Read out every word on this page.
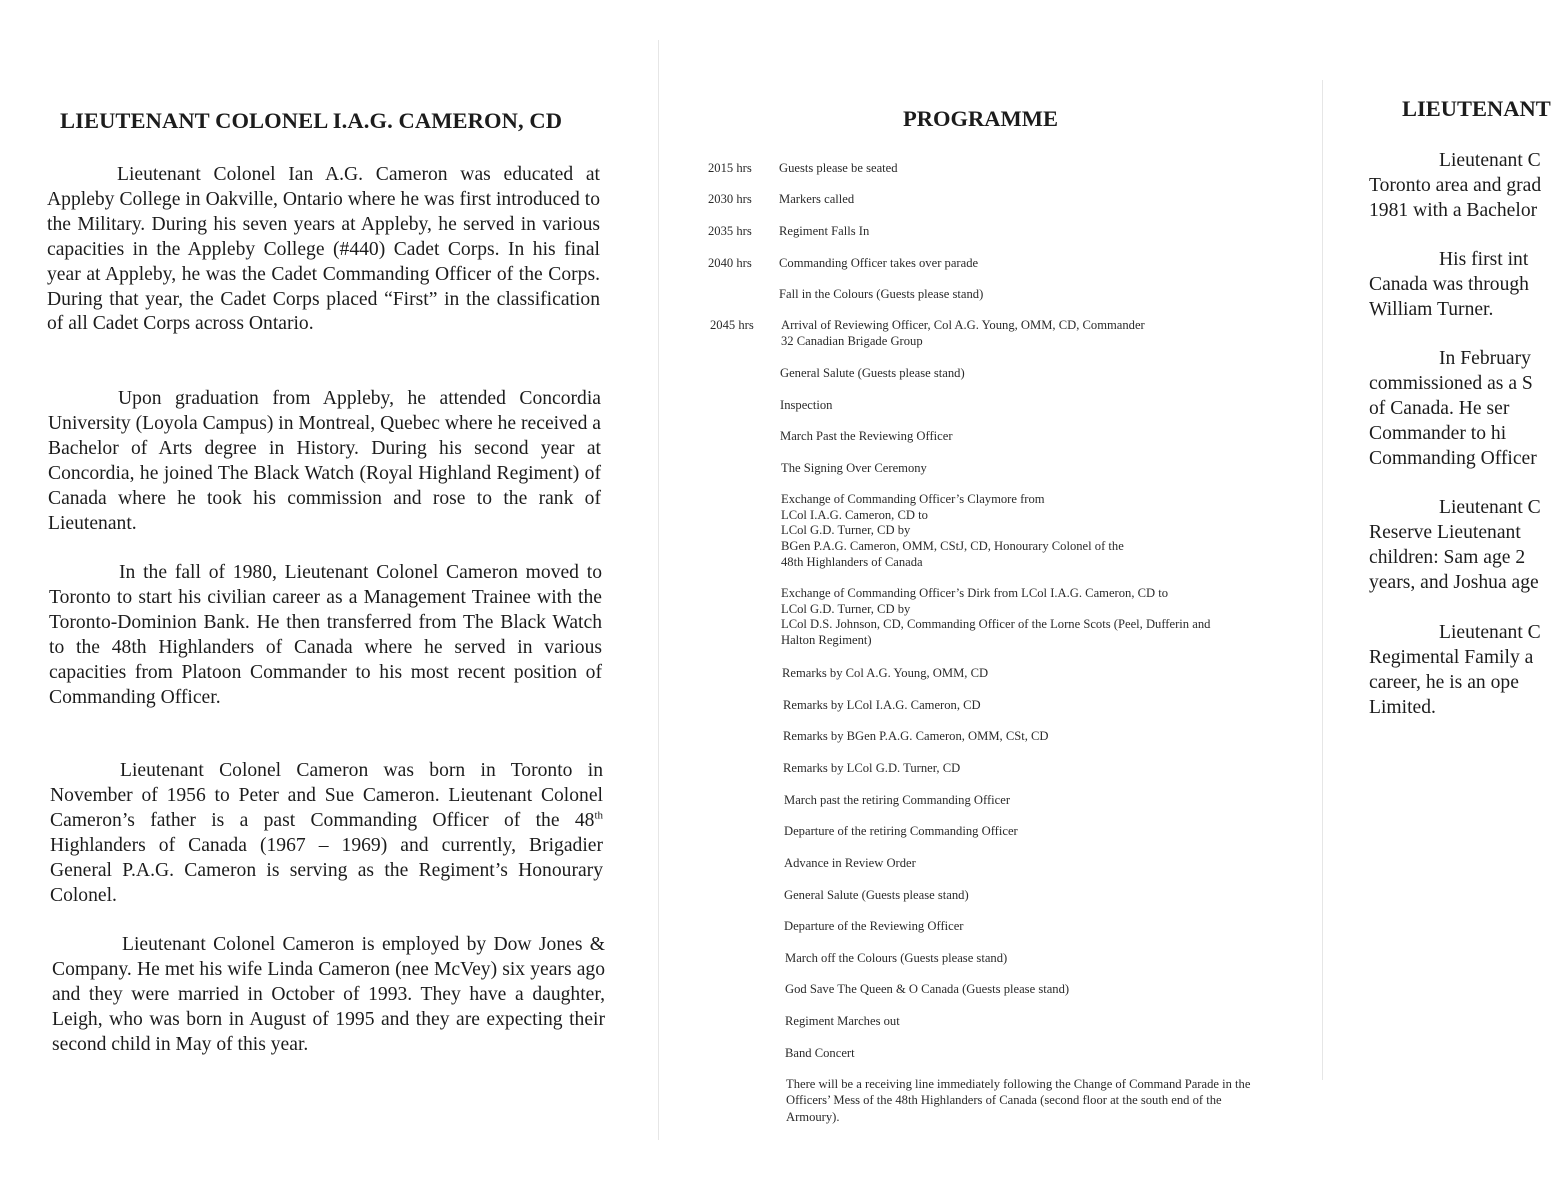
LIEUTENANT COLONEL I.A.G. CAMERON, CD

Lieutenant Colonel Ian A.G. Cameron was educated at Appleby College in Oakville, Ontario where he was first introduced to the Military. During his seven years at Appleby, he served in various capacities in the Appleby College (#440) Cadet Corps. In his final year at Appleby, he was the Cadet Commanding Officer of the Corps. During that year, the Cadet Corps placed “First” in the classification of all Cadet Corps across Ontario.

Upon graduation from Appleby, he attended Concordia University (Loyola Campus) in Montreal, Quebec where he received a Bachelor of Arts degree in History. During his second year at Concordia, he joined The Black Watch (Royal Highland Regiment) of Canada where he took his commission and rose to the rank of Lieutenant.

In the fall of 1980, Lieutenant Colonel Cameron moved to Toronto to start his civilian career as a Management Trainee with the Toronto-Dominion Bank. He then transferred from The Black Watch to the 48th Highlanders of Canada where he served in various capacities from Platoon Commander to his most recent position of Commanding Officer.

Lieutenant Colonel Cameron was born in Toronto in November of 1956 to Peter and Sue Cameron. Lieutenant Colonel Cameron’s father is a past Commanding Officer of the 48th Highlanders of Canada (1967 – 1969) and currently, Brigadier General P.A.G. Cameron is serving as the Regiment’s Honourary Colonel.

Lieutenant Colonel Cameron is employed by Dow Jones & Company. He met his wife Linda Cameron (nee McVey) six years ago and they were married in October of 1993. They have a daughter, Leigh, who was born in August of 1995 and they are expecting their second child in May of this year.

PROGRAMME
2015 hrs	Guests please be seated
2030 hrs	Markers called
2035 hrs	Regiment Falls In
2040 hrs	Commanding Officer takes over parade
Fall in the Colours (Guests please stand)
2045 hrs	Arrival of Reviewing Officer, Col A.G. Young, OMM, CD, Commander
32 Canadian Brigade Group
General Salute (Guests please stand)
Inspection
March Past the Reviewing Officer
The Signing Over Ceremony
Exchange of Commanding Officer’s Claymore from
LCol I.A.G. Cameron, CD to
LCol G.D. Turner, CD by
BGen P.A.G. Cameron, OMM, CStJ, CD, Honourary Colonel of the
48th Highlanders of Canada
Exchange of Commanding Officer’s Dirk from LCol I.A.G. Cameron, CD to
LCol G.D. Turner, CD by
LCol D.S. Johnson, CD, Commanding Officer of the Lorne Scots (Peel, Dufferin and
Halton Regiment)
Remarks by Col A.G. Young, OMM, CD
Remarks by LCol I.A.G. Cameron, CD
Remarks by BGen P.A.G. Cameron, OMM, CSt, CD
Remarks by LCol G.D. Turner, CD
March past the retiring Commanding Officer
Departure of the retiring Commanding Officer
Advance in Review Order
General Salute (Guests please stand)
Departure of the Reviewing Officer
March off the Colours (Guests please stand)
God Save The Queen & O Canada (Guests please stand)
Regiment Marches out
Band Concert
There will be a receiving line immediately following the Change of Command Parade in the Officers’ Mess of the 48th Highlanders of Canada (second floor at the south end of the Armoury).
LIEUTENANT
Lieutenant C
Toronto area and grad
1981 with a Bachelor
His first int
Canada was through
William Turner.
In February
commissioned as a S
of Canada. He ser
Commander to hi
Commanding Officer
Lieutenant C
Reserve Lieutenant
children: Sam age 2
years, and Joshua age
Lieutenant C
Regimental Family a
career, he is an ope
Limited.
